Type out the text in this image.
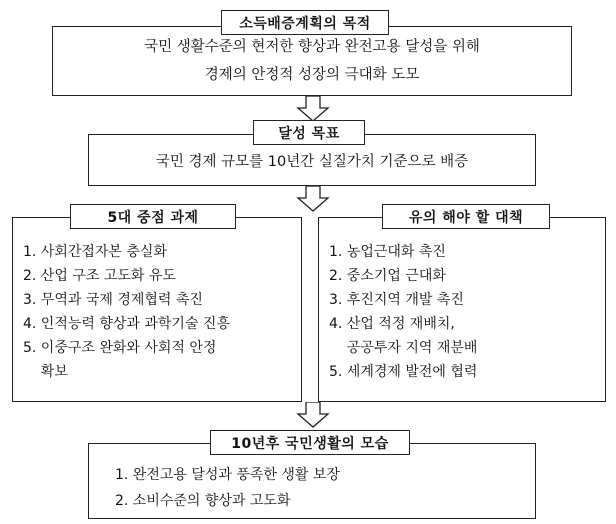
국민 생활수준의 현저한 향상과 완전고용 달성을 위해
경제의 안정적 성장의 극대화 도모
소득배증계획의 목적
국민 경제 규모를 10년간 실질가치 기준으로 배증
달성 목표
1. 사회간접자본 충실화
2. 산업 구조 고도화 유도
3. 무역과 국제 경제협력 촉진
4. 인적능력 향상과 과학기술 진흥
5. 이중구조 완화와 사회적 안정
확보
5대 중점 과제
1. 농업근대화 촉진
2. 중소기업 근대화
3. 후진지역 개발 촉진
4. 산업 적정 재배치,
공공투자 지역 재분배
5. 세계경제 발전에 협력
유의 해야 할 대책
1. 완전고용 달성과 풍족한 생활 보장
2. 소비수준의 향상과 고도화
10년후 국민생활의 모습
